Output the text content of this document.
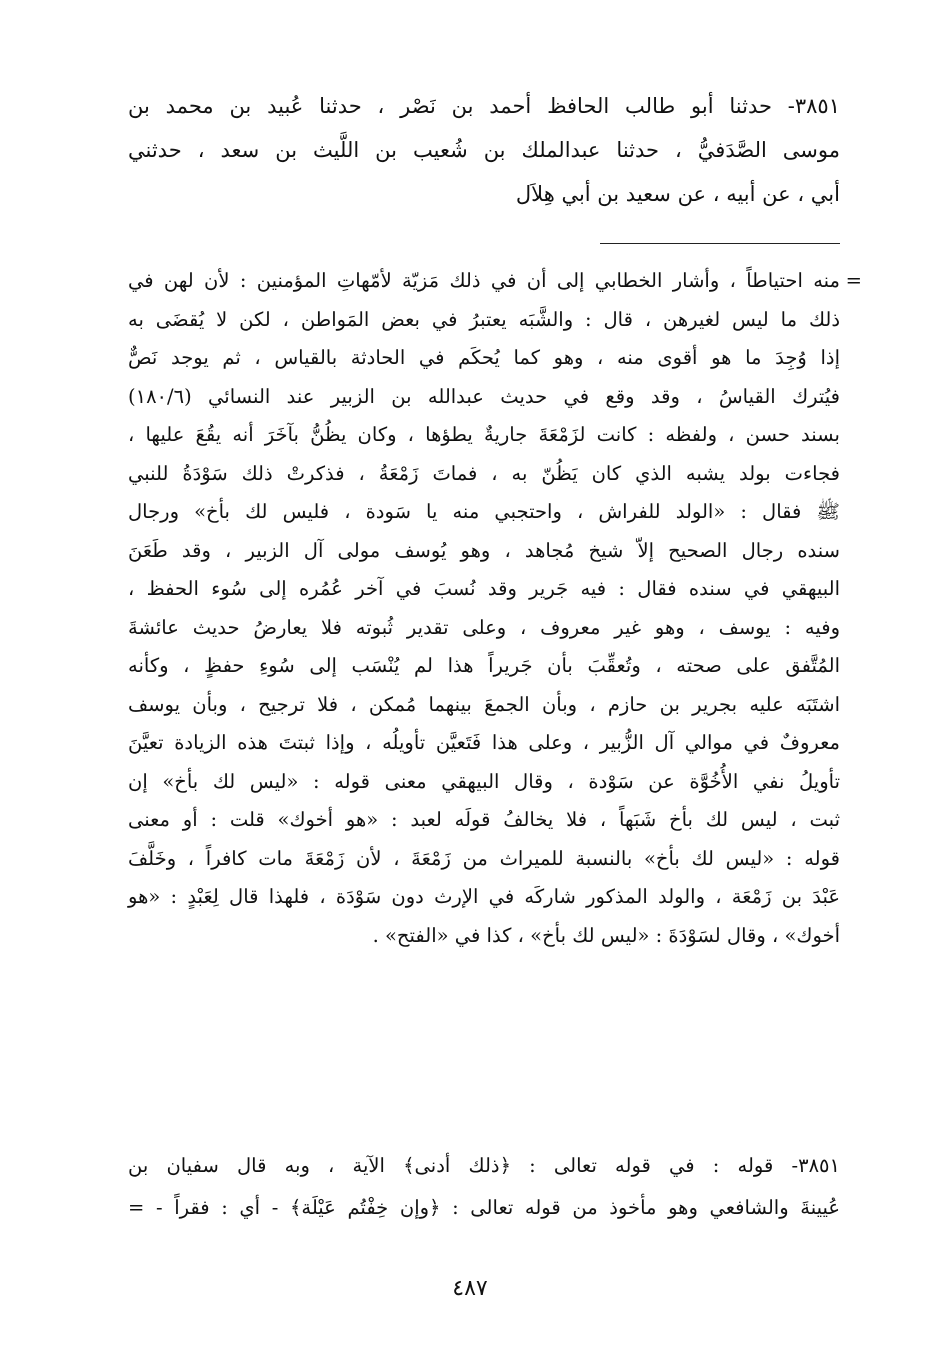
٣٨٥١- حدثنا أبو طالب الحافظ أحمد بن نَصْر ، حدثنا عُبيد بن محمد بن
موسى الصَّدَفيُّ ، حدثنا عبدالملك بن شُعيب بن اللَّيث بن سعد ، حدثني
أبي ، عن أبيه ، عن سعيد بن أبي هِلاَل
=
منه احتياطاً ، وأشار الخطابي إلى أن في ذلك مَزيّة لأمّهاتِ المؤمنين : لأن لهن في
ذلك ما ليس لغيرهن ، قال : والشَّبَه يعتبرُ في بعض المَواطن ، لكن لا يُقضَى به
إذا وُجِدَ ما هو أقوى منه ، وهو كما يُحكَم في الحادثة بالقياس ، ثم يوجد نَصٌّ
فيُترك القياسُ ، وقد وقع في حديث عبدالله بن الزبير عند النسائي (١٨٠/٦)
بسند حسن ، ولفظه : كانت لزَمْعَةَ جاريةٌ يطؤها ، وكان يظُنُّ بآخَرَ أنه يقُعَ عليها ،
فجاءت بولد يشبه الذي كان يَظُنّ به ، فماتَ زَمْعَةُ ، فذكرتْ ذلك سَوْدَةُ للنبي
ﷺ فقال : «الولد للفراش ، واحتجبي منه يا سَودة ، فليس لك بأخ» ورجال
سنده رجال الصحيح إلاّ شيخ مُجاهد ، وهو يُوسف مولى آل الزبير ، وقد طَعَنَ
البيهقي في سنده فقال : فيه جَرير وقد نُسبَ في آخر عُمُره إلى سُوء الحفظ ،
وفيه : يوسف ، وهو غير معروف ، وعلى تقدير ثُبوته فلا يعارضُ حديث عائشةَ
المُتَّفق على صحته ، وتُعقِّبَ بأن جَريراً هذا لم يُنْسَب إلى سُوءِ حفظٍ ، وكأنه
اشتَبَه عليه بجرير بن حازم ، وبأن الجمعَ بينهما مُمكن ، فلا ترجيح ، وبأن يوسف
معروفٌ في موالي آل الزُّبير ، وعلى هذا فَتَعيَّن تأويلُه ، وإذا ثبتتَ هذه الزيادة تعيَّنَ
تأويلُ نفي الأُخُوَّة عن سَوْدة ، وقال البيهقي معنى قوله : «ليس لك بأخ» إن
ثبت ، ليس لك بأخ شَبَهاً ، فلا يخالفُ قولَه لعبد : «هو أخوك» قلت : أو معنى
قوله : «ليس لك بأخ» بالنسبة للميراث من زَمْعَةَ ، لأن زَمْعَةَ مات كافراً ، وخَلَّفَ
عَبْدَ بن زَمْعَة ، والولد المذكور شاركَه في الإرث دون سَوْدَة ، فلهذا قال لِعَبْدٍ : «هو
أخوك» ، وقال لسَوْدَةَ : «ليس لك بأخ» ، كذا في «الفتح» .
٣٨٥١- قوله : في قوله تعالى : ﴿ذلك أدنى﴾ الآية ، وبه قال سفيان بن
عُيينةَ والشافعي وهو مأخوذ من قوله تعالى : ﴿وإن خِفْتُم عَيْلَة﴾ - أي : فقراً - =
٤٨٧
